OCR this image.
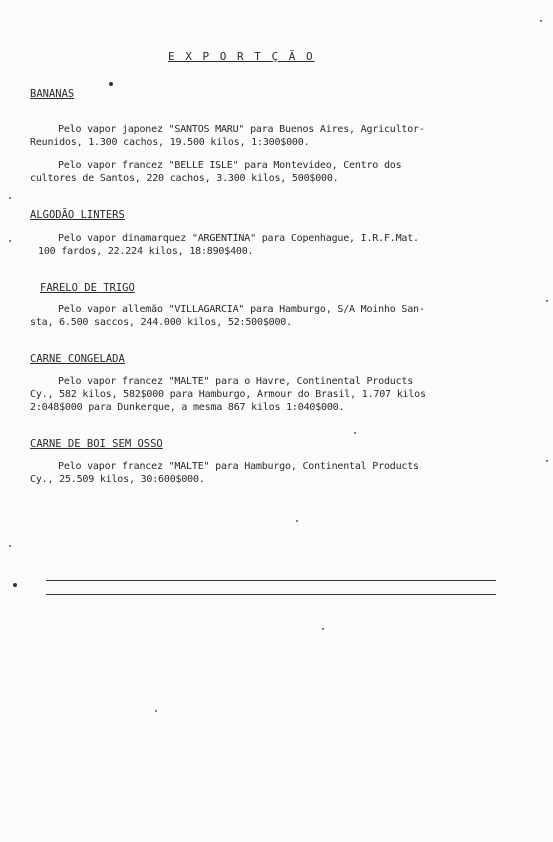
E X P O R T Ç Ã O
BANANAS
Pelo vapor japonez "SANTOS MARU" para Buenos Aires, Agricultor-
Reunidos, 1.300 cachos, 19.500 kilos, 1:300$000.
Pelo vapor francez "BELLE ISLE" para Montevideo, Centro dos
cultores de Santos, 220 cachos, 3.300 kilos, 500$000.
ALGODÃO LINTERS
Pelo vapor dinamarquez "ARGENTINA" para Copenhague, I.R.F.Mat.
100 fardos, 22.224 kilos, 18:890$400.
FARELO DE TRIGO
Pelo vapor allemão "VILLAGARCIA" para Hamburgo, S/A Moinho San-
sta, 6.500 saccos, 244.000 kilos, 52:500$000.
CARNE CONGELADA
Pelo vapor francez "MALTE" para o Havre, Continental Products
Cy., 582 kilos, 582$000 para Hamburgo, Armour do Brasil, 1.707 kilos
2:048$000 para Dunkerque, a mesma 867 kilos 1:040$000.
CARNE DE BOI SEM OSSO
Pelo vapor francez "MALTE" para Hamburgo, Continental Products
Cy., 25.509 kilos, 30:600$000.
